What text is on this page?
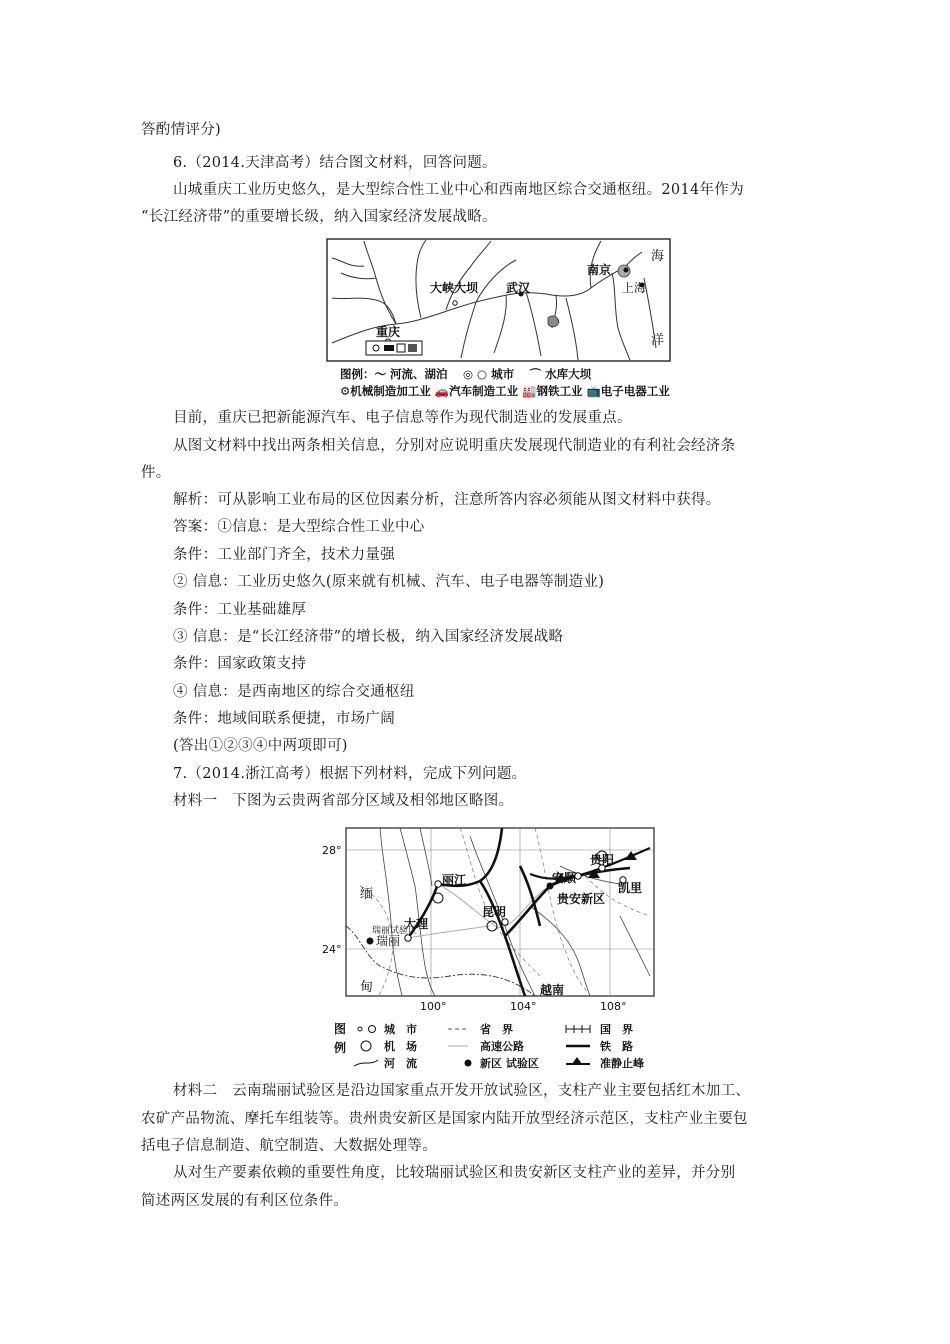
答酌情评分)
6.（2014.天津高考）结合图文材料，回答问题。
山城重庆工业历史悠久，是大型综合性工业中心和西南地区综合交通枢纽。2014年作为
“长江经济带”的重要增长级，纳入国家经济发展战略。
海
洋
南京
上海
大峡大坝 武汉
重庆
图例：〜 河流、湖泊　 ◎ ○ 城市　 ⌒ 水库大坝
⚙机械制造加工业 🚗汽车制造工业 🏭钢铁工业 📺电子电器工业
目前，重庆已把新能源汽车、电子信息等作为现代制造业的发展重点。
从图文材料中找出两条相关信息，分别对应说明重庆发展现代制造业的有利社会经济条
件。
解析：可从影响工业布局的区位因素分析，注意所答内容必须能从图文材料中获得。
答案：①信息：是大型综合性工业中心
条件：工业部门齐全，技术力量强
② 信息：工业历史悠久(原来就有机械、汽车、电子电器等制造业)
条件：工业基础雄厚
③ 信息：是“长江经济带”的增长极，纳入国家经济发展战略
条件：国家政策支持
④ 信息：是西南地区的综合交通枢纽
条件：地域间联系便捷，市场广阔
(答出①②③④中两项即可)
7.（2014.浙江高考）根据下列材料，完成下列问题。
材料一　下图为云贵两省部分区域及相邻地区略图。
28°
24°
100°	104°	108°
缅
甸	越南
丽江
大理
昆明
贵阳
安顺
凯里
贵安新区
瑞丽试验区
瑞丽
图
例
城　市
机　场
河　流
省　界
高速公路
新区 试验区
国　界
铁　路
准静止峰
材料二　云南瑞丽试验区是沿边国家重点开发开放试验区，支柱产业主要包括红木加工、
农矿产品物流、摩托车组装等。贵州贵安新区是国家内陆开放型经济示范区，支柱产业主要包
括电子信息制造、航空制造、大数据处理等。
从对生产要素依赖的重要性角度，比较瑞丽试验区和贵安新区支柱产业的差异，并分别
简述两区发展的有利区位条件。
